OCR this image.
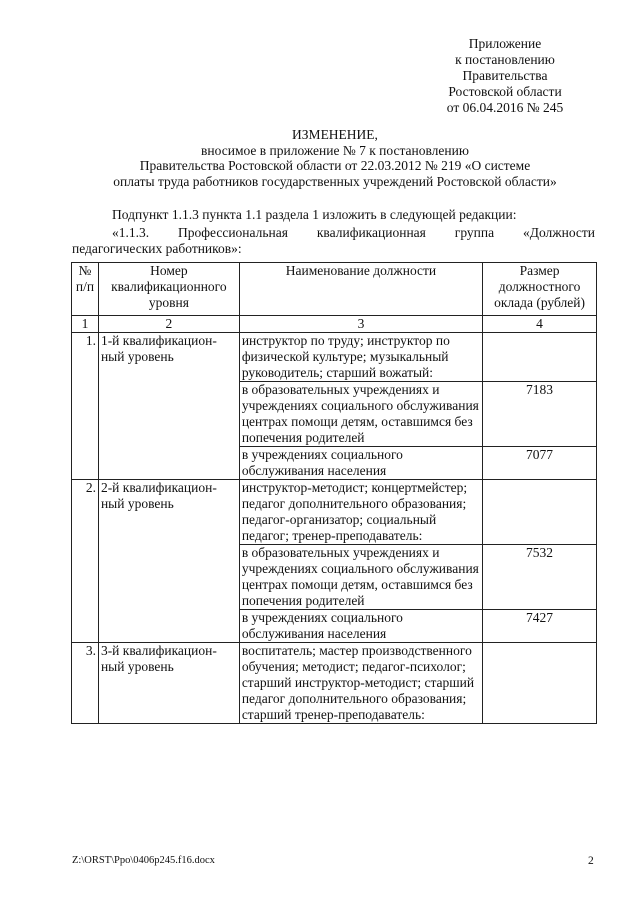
Приложение
к постановлению
Правительства
Ростовской области
от 06.04.2016 № 245
ИЗМЕНЕНИЕ,
вносимое в приложение № 7 к постановлению
Правительства Ростовской области от 22.03.2012 № 219 «О системе
оплаты труда работников государственных учреждений Ростовской области»
Подпункт 1.1.3 пункта 1.1 раздела 1 изложить в следующей редакции:
«1.1.3. Профессиональная квалификационная группа «Должности
педагогических работников»:
№ п/п	Номер квалификационного уровня	Наименование должности	Размер должностного оклада (рублей)
1	2	3	4
1.	1-й квалификацион-ный уровень	инструктор по труду; инструктор по физической культуре; музыкальный руководитель; старший вожатый:	
		в образовательных учреждениях и учреждениях социального обслуживания центрах помощи детям, оставшимся без попечения родителей	7183
		в учреждениях социального обслуживания населения	7077
2.	2-й квалификацион-ный уровень	инструктор-методист; концертмейстер; педагог дополнительного образования; педагог-организатор; социальный педагог; тренер-преподаватель:	
		в образовательных учреждениях и учреждениях социального обслуживания центрах помощи детям, оставшимся без попечения родителей	7532
		в учреждениях социального обслуживания населения	7427
3.	3-й квалификацион-ный уровень	воспитатель; мастер производственного обучения; методист; педагог-психолог; старший инструктор-методист; старший педагог дополнительного образования; старший тренер-преподаватель:	
Z:\ORST\Ppo\0406p245.f16.docx	2
